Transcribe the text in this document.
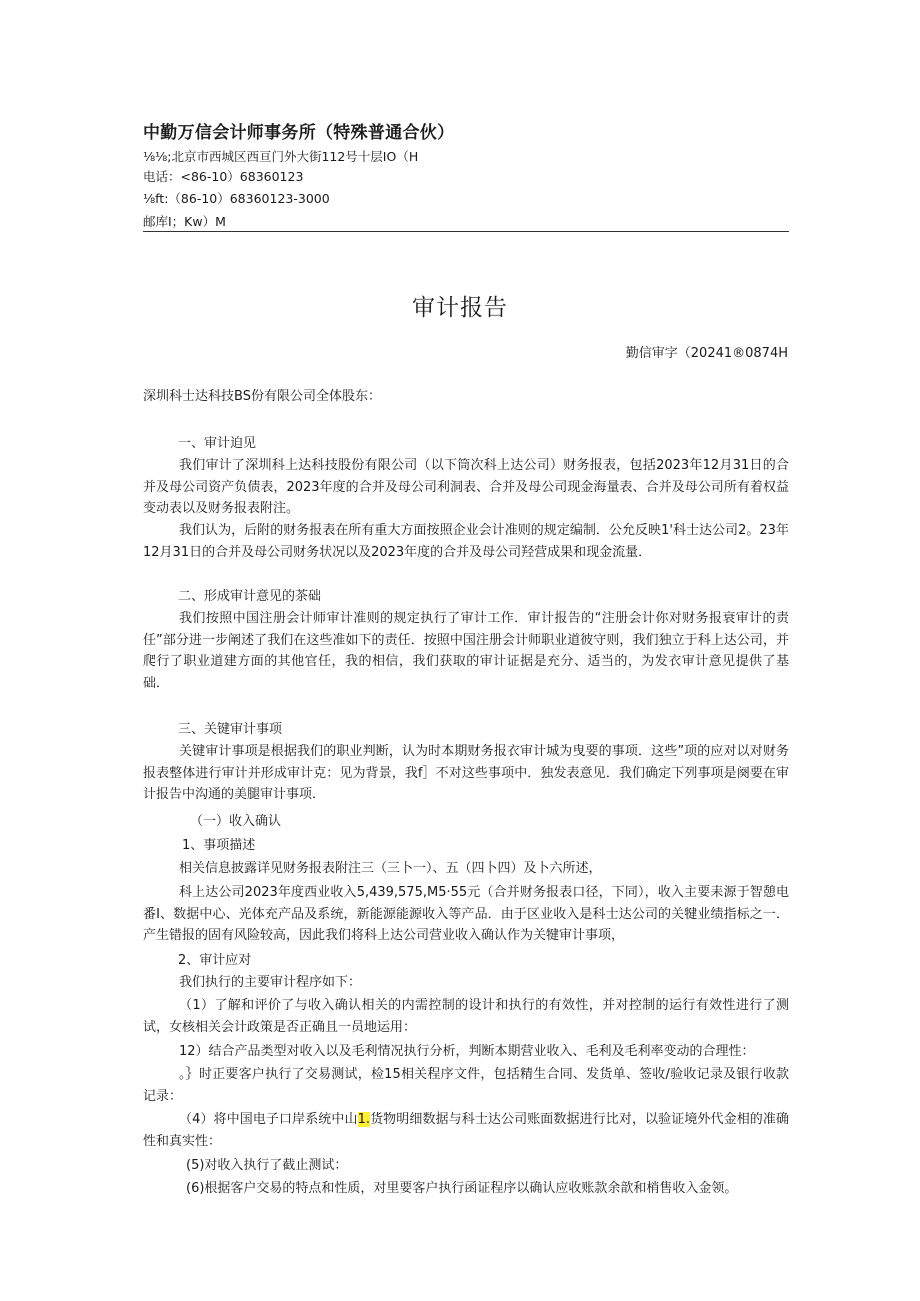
中勤万信会计师事务所（特殊普通合伙）
⅛⅛;北京市西城区西亘门外大街112号十层IO（H
电话：<86-10）68360123
⅛ft:（86-10）68360123-3000
邮库I；Kw）M
审计报告
勤信审字（20241®0874H
深圳科士达科技BS份有限公司全体股东：
一、审计迫见
我们审计了深圳科上达科技股份有限公司（以下筒次科上达公司）财务报表，包括2023年12月31日的合并及母公司资产负债表，2023年度的合并及母公司利洞表、合并及母公司现金海量表、合并及母公司所有着权益变动表以及财务报表附注。
我们认为，后附的财务报表在所有重大方面按照企业会计准则的规定编制．公允反映1'科士达公司2。23年12月31日的合并及母公司财务状况以及2023年度的合并及母公司羟营成果和现金流量．
二、形成审计意见的茶础
我们按照中国注册会计师审计准则的规定执行了审计工作．审计报告的“注册会计你对财务报衰审计的责任”部分进一步阐述了我们在这些准如下的责任．按照中国注册会计师职业道彼守则，我们独立于科上达公司，并爬行了职业道建方面的其他官任，我的相信，我们获取的审计证据是充分、适当的，为发衣审计意见提供了基础．
三、关键审计事项
关键审计事项是根据我们的职业判断，认为时本期财务报衣审计城为曳要的事项．这些”项的应对以对财务报表整体进行审计并形成审计克：见为背景，我f］不对这些事项中．独发表意见．我们确定下列事项是阕要在审计报告中沟通的美腿审计事项．
（一）收入确认
1、事项描述
相关信息披露详见财务报表附注三（三卜一）、五（四卜四）及卜六所述，
科上达公司2023年度西业收入5,439,575,M5·55元（合并财务报表口径，下同），收入主要耒源于智憩电番I、数据中心、光体充产品及系统，新能源能源收入等产品．由于区业收入是科士达公司的关犍业绩指标之一．产生错报的固有风险较高，因此我们将科上达公司营业收入确认作为关犍审计事项，
2、审计应对
我们执行的主要审计程序如下：
（1）了解和评价了与收入确认相关的内需控制的设计和执行的有效性，并对控制的运行有效性进行了测试，女核相关会计政策是否正确且一员地运用：
12）结合产品类型对收入以及毛利情况执行分析，判断本期营业收入、毛利及毛利率变动的合理性：
。｝时正要客户执行了交易测试，检15相关程序文件，包括精生合同、发货单、签收/验收记录及银行收款记录：
（4）将中国电子口岸系统中山1.货物明细数据与科士达公司账面数据进行比对，以验证境外代金相的准确性和真实性：
(5)对收入执行了截止测试：
(6)根据客户交易的特点和性质，对里要客户执行函证程序以确认应收账款余歆和梢售收入金领。
